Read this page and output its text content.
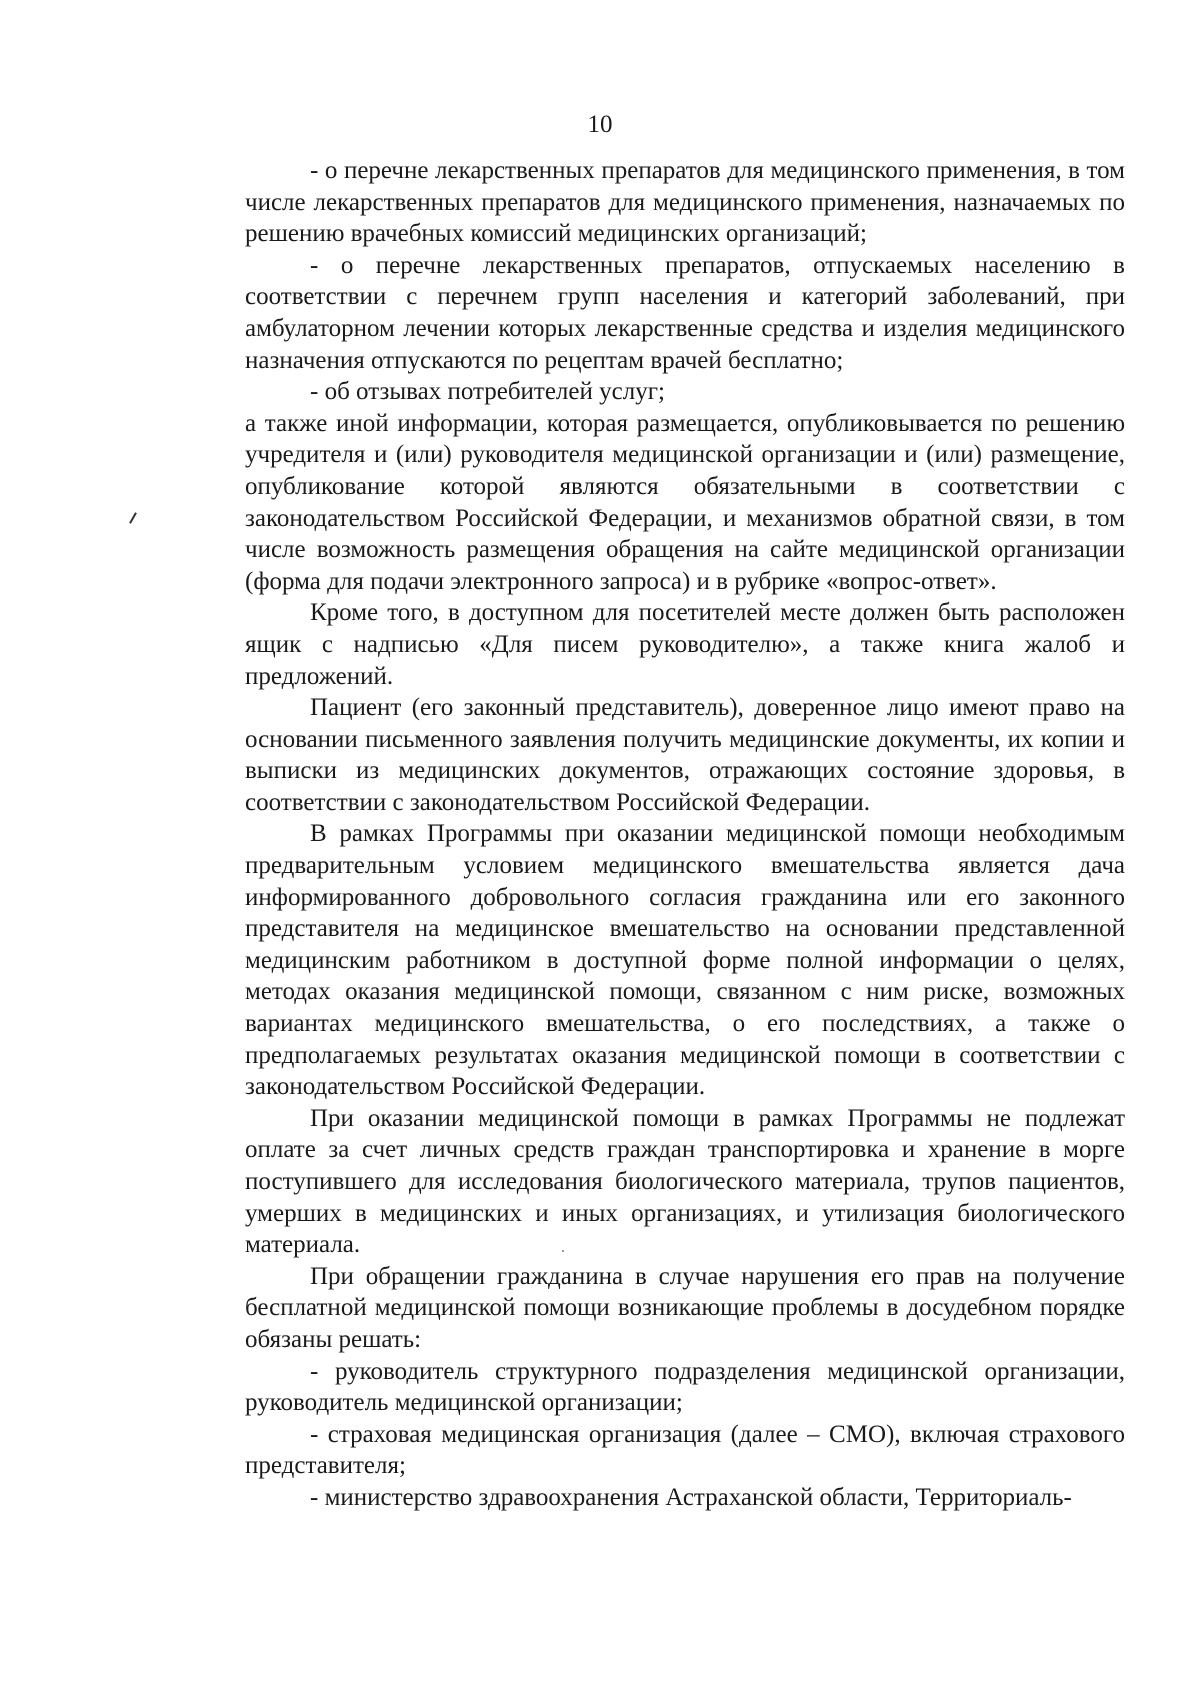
10

- о перечне лекарственных препаратов для медицинского применения, в том числе лекарственных препаратов для медицинского применения, назначаемых по решению врачебных комиссий медицинских организаций;

- о перечне лекарственных препаратов, отпускаемых населению в соответствии с перечнем групп населения и категорий заболеваний, при амбулаторном лечении которых лекарственные средства и изделия медицинского назначения отпускаются по рецептам врачей бесплатно;

- об отзывах потребителей услуг;

а также иной информации, которая размещается, опубликовывается по решению учредителя и (или) руководителя медицинской организации и (или) размещение, опубликование которой являются обязательными в соответствии с законодательством Российской Федерации, и механизмов обратной связи, в том числе возможность размещения обращения на сайте медицинской организации (форма для подачи электронного запроса) и в рубрике «вопрос-ответ».

Кроме того, в доступном для посетителей месте должен быть расположен ящик с надписью «Для писем руководителю», а также книга жалоб и предложений.

Пациент (его законный представитель), доверенное лицо имеют право на основании письменного заявления получить медицинские документы, их копии и выписки из медицинских документов, отражающих состояние здоровья, в соответствии с законодательством Российской Федерации.

В рамках Программы при оказании медицинской помощи необходимым предварительным условием медицинского вмешательства является дача информированного добровольного согласия гражданина или его законного представителя на медицинское вмешательство на основании представленной медицинским работником в доступной форме полной информации о целях, методах оказания медицинской помощи, связанном с ним риске, возможных вариантах медицинского вмешательства, о его последствиях, а также о предполагаемых результатах оказания медицинской помощи в соответствии с законодательством Российской Федерации.

При оказании медицинской помощи в рамках Программы не подлежат оплате за счет личных средств граждан транспортировка и хранение в морге поступившего для исследования биологического материала, трупов пациентов, умерших в медицинских и иных организациях, и утилизация биологического материала.

При обращении гражданина в случае нарушения его прав на получение бесплатной медицинской помощи возникающие проблемы в досудебном порядке обязаны решать:

- руководитель структурного подразделения медицинской организации, руководитель медицинской организации;

- страховая медицинская организация (далее – СМО), включая страхового представителя;

- министерство здравоохранения Астраханской области, Территориаль-
